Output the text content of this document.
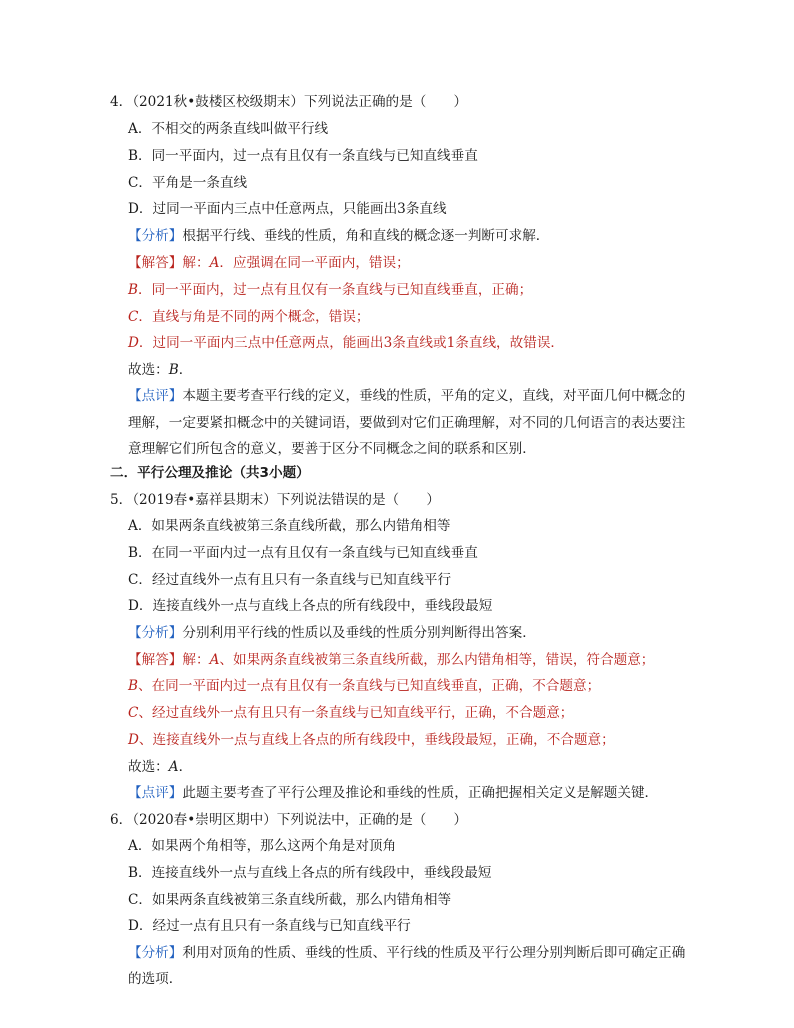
4．（2021秋•鼓楼区校级期末）下列说法正确的是（　　）
A．不相交的两条直线叫做平行线
B．同一平面内，过一点有且仅有一条直线与已知直线垂直
C．平角是一条直线
D．过同一平面内三点中任意两点，只能画出3条直线
【分析】根据平行线、垂线的性质，角和直线的概念逐一判断可求解．
【解答】解：A．应强调在同一平面内，错误；
B．同一平面内，过一点有且仅有一条直线与已知直线垂直，正确；
C．直线与角是不同的两个概念，错误；
D．过同一平面内三点中任意两点，能画出3条直线或1条直线，故错误．
故选：B．
【点评】本题主要考查平行线的定义，垂线的性质，平角的定义，直线，对平面几何中概念的
理解，一定要紧扣概念中的关键词语，要做到对它们正确理解，对不同的几何语言的表达要注
意理解它们所包含的意义，要善于区分不同概念之间的联系和区别．
二．平行公理及推论（共3小题）
5．（2019春•嘉祥县期末）下列说法错误的是（　　）
A．如果两条直线被第三条直线所截，那么内错角相等
B．在同一平面内过一点有且仅有一条直线与已知直线垂直
C．经过直线外一点有且只有一条直线与已知直线平行
D．连接直线外一点与直线上各点的所有线段中，垂线段最短
【分析】分别利用平行线的性质以及垂线的性质分别判断得出答案．
【解答】解：A、如果两条直线被第三条直线所截，那么内错角相等，错误，符合题意；
B、在同一平面内过一点有且仅有一条直线与已知直线垂直，正确，不合题意；
C、经过直线外一点有且只有一条直线与已知直线平行，正确，不合题意；
D、连接直线外一点与直线上各点的所有线段中，垂线段最短，正确，不合题意；
故选：A．
【点评】此题主要考查了平行公理及推论和垂线的性质，正确把握相关定义是解题关键．
6．（2020春•崇明区期中）下列说法中，正确的是（　　）
A．如果两个角相等，那么这两个角是对顶角
B．连接直线外一点与直线上各点的所有线段中，垂线段最短
C．如果两条直线被第三条直线所截，那么内错角相等
D．经过一点有且只有一条直线与已知直线平行
【分析】利用对顶角的性质、垂线的性质、平行线的性质及平行公理分别判断后即可确定正确
的选项．
